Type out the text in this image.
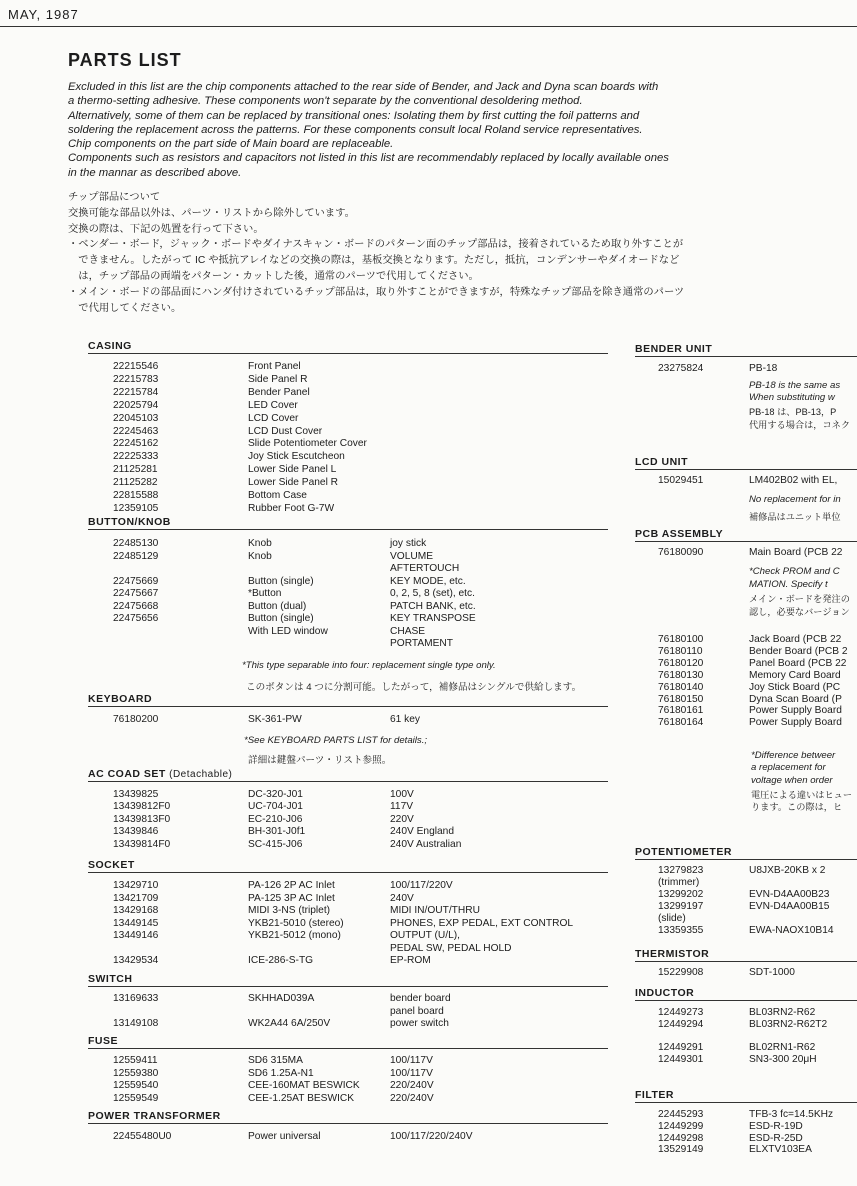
MAY, 1987
PARTS LIST
Excluded in this list are the chip components attached to the rear side of Bender, and Jack and Dyna scan boards with
a thermo-setting adhesive. These components won't separate by the conventional desoldering method.
Alternatively, some of them can be replaced by transitional ones: Isolating them by first cutting the foil patterns and
soldering the replacement across the patterns. For these components consult local Roland service representatives.
Chip components on the part side of Main board are replaceable.
Components such as resistors and capacitors not listed in this list are recommendably replaced by locally available ones
in the mannar as described above.
チップ部品について
交換可能な部品以外は、パーツ・リストから除外しています。
交換の際は、下記の処置を行って下さい。
・ベンダー・ボード，ジャック・ボードやダイナスキャン・ボードのパターン面のチップ部品は，接着されているため取り外すことが
　できません。したがって IC や抵抗アレイなどの交換の際は，基板交換となります。ただし，抵抗，コンデンサーやダイオードなど
　は，チップ部品の両端をパターン・カットした後，通常のパーツで代用してください。
・メイン・ボードの部品面にハンダ付けされているチップ部品は，取り外すことができますが，特殊なチップ部品を除き通常のパーツ
　で代用してください。
CASING
22215546	Front Panel
22215783	Side Panel R
22215784	Bender Panel
22025794	LED Cover
22045103	LCD Cover
22245463	LCD Dust Cover
22245162	Slide Potentiometer Cover
22225333	Joy Stick Escutcheon
21125281	Lower Side Panel L
21125282	Lower Side Panel R
22815588	Bottom Case
12359105	Rubber Foot G-7W
BUTTON/KNOB
22485130	Knob	joy stick
22485129	Knob	VOLUME
AFTERTOUCH
22475669	Button (single)	KEY MODE, etc.
22475667	*Button	0, 2, 5, 8 (set), etc.
22475668	Button (dual)	PATCH BANK, etc.
22475656	Button (single)	KEY TRANSPOSE
With LED window	CHASE
PORTAMENT
*This type separable into four: replacement single type only.
このボタンは 4 つに分割可能。したがって，補修品はシングルで供給します。
KEYBOARD
76180200	SK-361-PW	61 key
*See KEYBOARD PARTS LIST for details.;
詳細は鍵盤パーツ・リスト参照。
AC COAD SET (Detachable)
13439825	DC-320-J01	100V
13439812F0	UC-704-J01	117V
13439813F0	EC-210-J06	220V
13439846	BH-301-J0f1	240V England
13439814F0	SC-415-J06	240V Australian
SOCKET
13429710	PA-126 2P AC Inlet	100/117/220V
13421709	PA-125 3P AC Inlet	240V
13429168	MIDI 3-NS (triplet)	MIDI IN/OUT/THRU
13449145	YKB21-5010 (stereo)	PHONES, EXP PEDAL, EXT CONTROL
13449146	YKB21-5012 (mono)	OUTPUT (U/L),
PEDAL SW, PEDAL HOLD
13429534	ICE-286-S-TG	EP-ROM
SWITCH
13169633	SKHHAD039A	bender board
panel board
13149108	WK2A44 6A/250V	power switch
FUSE
12559411	SD6 315MA	100/117V
12559380	SD6 1.25A-N1	100/117V
12559540	CEE-160MAT BESWICK	220/240V
12559549	CEE-1.25AT BESWICK	220/240V
POWER TRANSFORMER
22455480U0	Power universal	100/117/220/240V
BENDER UNIT
23275824	PB-18
PB-18 is the same as
When substituting w
PB-18 は、PB-13，P
代用する場合は，コネク
LCD UNIT
15029451	LM402B02 with EL,
No replacement for in
補修品はユニット単位
PCB ASSEMBLY
76180090	Main Board (PCB 22
*Check PROM and C
MATION. Specify t
メイン・ボードを発注の
認し，必要なバージョン
76180100	Jack Board (PCB 22
76180110	Bender Board (PCB 2
76180120	Panel Board (PCB 22
76180130	Memory Card Board
76180140	Joy Stick Board (PC
76180150	Dyna Scan Board (P
76180161	Power Supply Board
76180164	Power Supply Board
*Difference betweer
a replacement for
voltage when order
電圧による違いはヒュー
ります。この際は，ヒ
POTENTIOMETER
13279823	U8JXB-20KB x 2
(trimmer)
13299202	EVN-D4AA00B23
13299197	EVN-D4AA00B15
(slide)
13359355	EWA-NAOX10B14
THERMISTOR
15229908	SDT-1000
INDUCTOR
12449273	BL03RN2-R62
12449294	BL03RN2-R62T2
12449291	BL02RN1-R62
12449301	SN3-300 20μH
FILTER
22445293	TFB-3 fc=14.5KHz
12449299	ESD-R-19D
12449298	ESD-R-25D
13529149	ELXTV103EA
